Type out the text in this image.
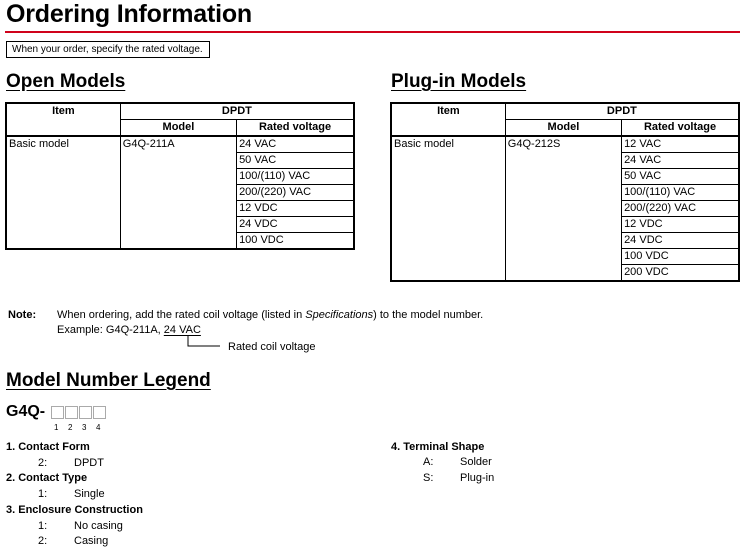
Ordering Information
When your order, specify the rated voltage.
Open Models
Item	DPDT	
	Model	Rated voltage
Basic model	G4Q-211A	24 VAC
		50 VAC
		100/(110) VAC
		200/(220) VAC
		12 VDC
		24 VDC
		100 VDC
Plug-in Models
Item	DPDT	
	Model	Rated voltage
Basic model	G4Q-212S	12 VAC
		24 VAC
		50 VAC
		100/(110) VAC
		200/(220) VAC
		12 VDC
		24 VDC
		100 VDC
		200 VDC
Note: When ordering, add the rated coil voltage (listed in Specifications) to the model number.
Example: G4Q-211A, 24 VAC
Rated coil voltage
Model Number Legend
G4Q-
1 2 3 4
1. Contact Form
2: DPDT
2. Contact Type
1: Single
3. Enclosure Construction
1: No casing
2: Casing
4. Terminal Shape
A: Solder
S: Plug-in
